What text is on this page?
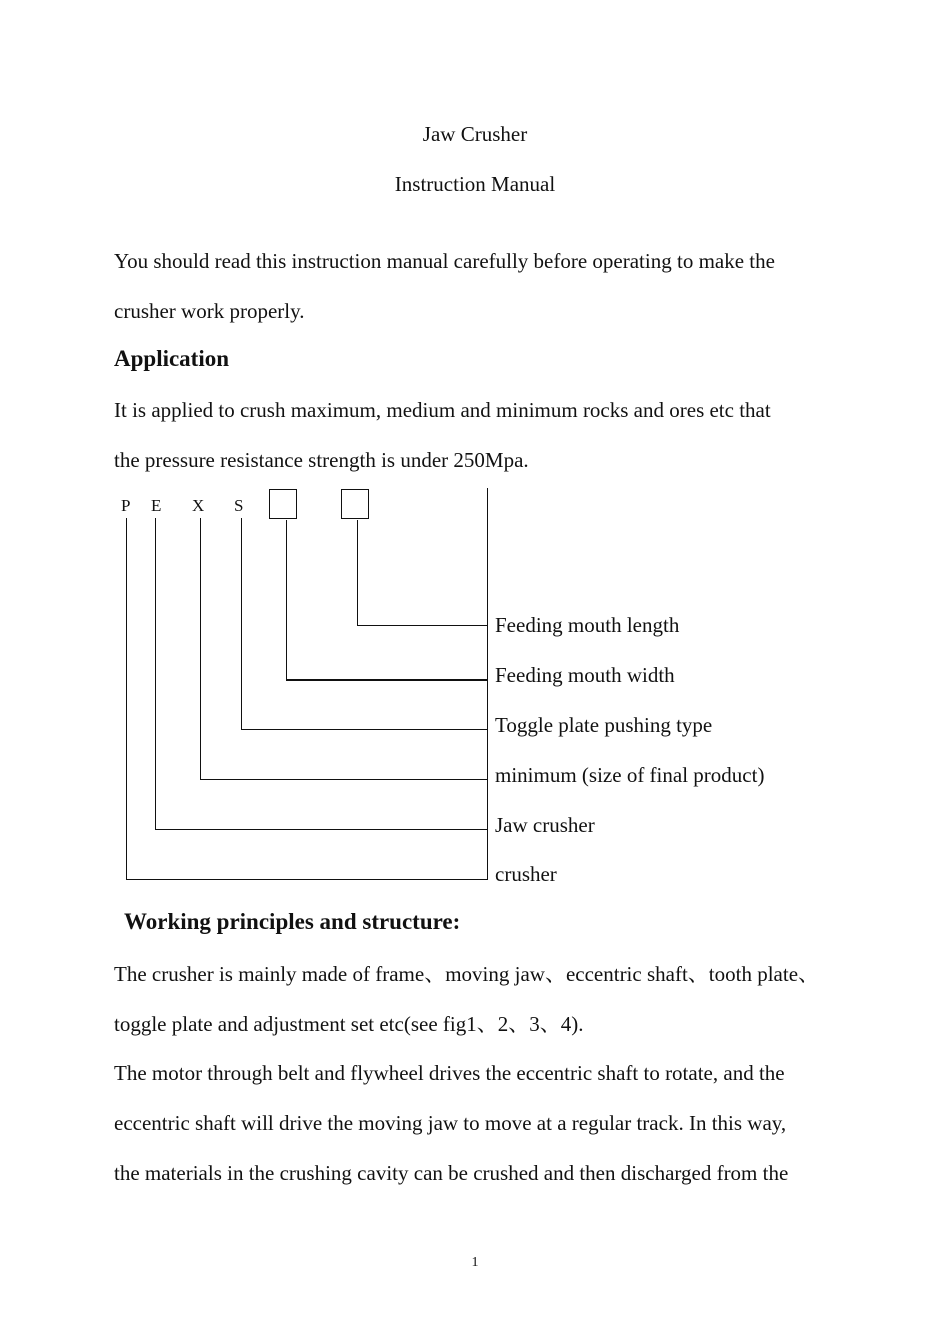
Jaw Crusher
Instruction Manual
You should read this instruction manual carefully before operating to make the
crusher work properly.
Application
It is applied to crush maximum, medium and minimum rocks and ores etc that
the pressure resistance strength is under 250Mpa.
P E X S
Feeding mouth length
Feeding mouth width
Toggle plate pushing type
minimum (size of final product)
Jaw crusher
crusher
Working principles and structure:
The crusher is mainly made of frame、moving jaw、eccentric shaft、tooth plate、
toggle plate and adjustment set etc(see fig1、2、3、4).
The motor through belt and flywheel drives the eccentric shaft to rotate, and the
eccentric shaft will drive the moving jaw to move at a regular track. In this way,
the materials in the crushing cavity can be crushed and then discharged from the
1
